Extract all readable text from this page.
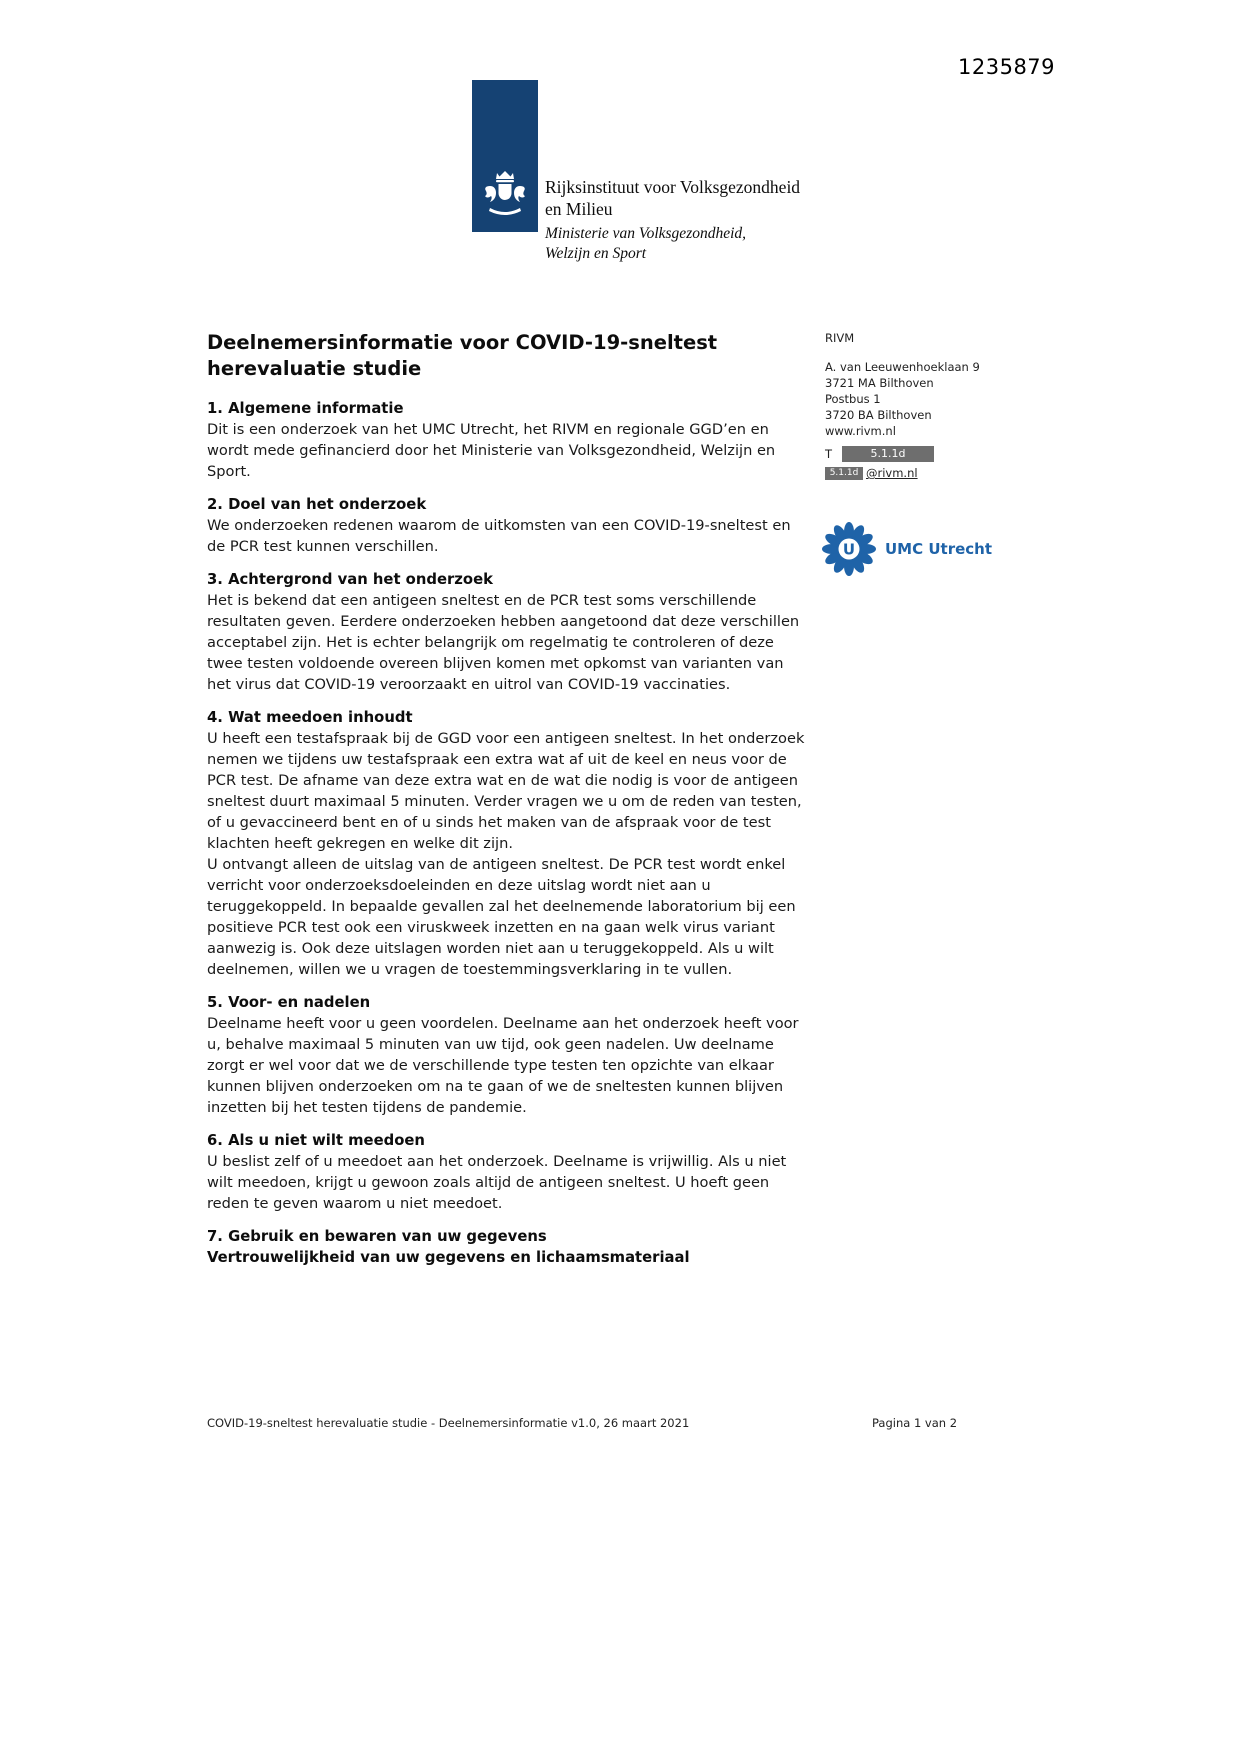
1235879
Rijksinstituut voor Volksgezondheid
en Milieu
Ministerie van Volksgezondheid,
Welzijn en Sport
Deelnemersinformatie voor COVID-19-sneltest
herevaluatie studie
1. Algemene informatie

Dit is een onderzoek van het UMC Utrecht, het RIVM en regionale GGD’en en wordt mede gefinancierd door het Ministerie van Volksgezondheid, Welzijn en Sport.

2. Doel van het onderzoek

We onderzoeken redenen waarom de uitkomsten van een COVID-19-sneltest en de PCR test kunnen verschillen.

3. Achtergrond van het onderzoek

Het is bekend dat een antigeen sneltest en de PCR test soms verschillende resultaten geven. Eerdere onderzoeken hebben aangetoond dat deze verschillen acceptabel zijn. Het is echter belangrijk om regelmatig te controleren of deze twee testen voldoende overeen blijven komen met opkomst van varianten van het virus dat COVID-19 veroorzaakt en uitrol van COVID-19 vaccinaties.

4. Wat meedoen inhoudt

U heeft een testafspraak bij de GGD voor een antigeen sneltest. In het onderzoek nemen we tijdens uw testafspraak een extra wat af uit de keel en neus voor de PCR test. De afname van deze extra wat en de wat die nodig is voor de antigeen sneltest duurt maximaal 5 minuten. Verder vragen we u om de reden van testen, of u gevaccineerd bent en of u sinds het maken van de afspraak voor de test klachten heeft gekregen en welke dit zijn.

U ontvangt alleen de uitslag van de antigeen sneltest. De PCR test wordt enkel verricht voor onderzoeksdoeleinden en deze uitslag wordt niet aan u teruggekoppeld. In bepaalde gevallen zal het deelnemende laboratorium bij een positieve PCR test ook een viruskweek inzetten en na gaan welk virus variant aanwezig is. Ook deze uitslagen worden niet aan u teruggekoppeld. Als u wilt deelnemen, willen we u vragen de toestemmingsverklaring in te vullen.

5. Voor- en nadelen

Deelname heeft voor u geen voordelen. Deelname aan het onderzoek heeft voor u, behalve maximaal 5 minuten van uw tijd, ook geen nadelen. Uw deelname zorgt er wel voor dat we de verschillende type testen ten opzichte van elkaar kunnen blijven onderzoeken om na te gaan of we de sneltesten kunnen blijven inzetten bij het testen tijdens de pandemie.

6. Als u niet wilt meedoen

U beslist zelf of u meedoet aan het onderzoek. Deelname is vrijwillig. Als u niet wilt meedoen, krijgt u gewoon zoals altijd de antigeen sneltest. U hoeft geen reden te geven waarom u niet meedoet.

7. Gebruik en bewaren van uw gegevens
Vertrouwelijkheid van uw gegevens en lichaamsmateriaal
RIVM
A. van Leeuwenhoeklaan 9
3721 MA Bilthoven
Postbus 1
3720 BA Bilthoven
www.rivm.nl
T	5.1.1d
5.1.1d @rivm.nl
U UMC Utrecht
COVID-19-sneltest herevaluatie studie - Deelnemersinformatie v1.0, 26 maart 2021	Pagina 1 van 2
